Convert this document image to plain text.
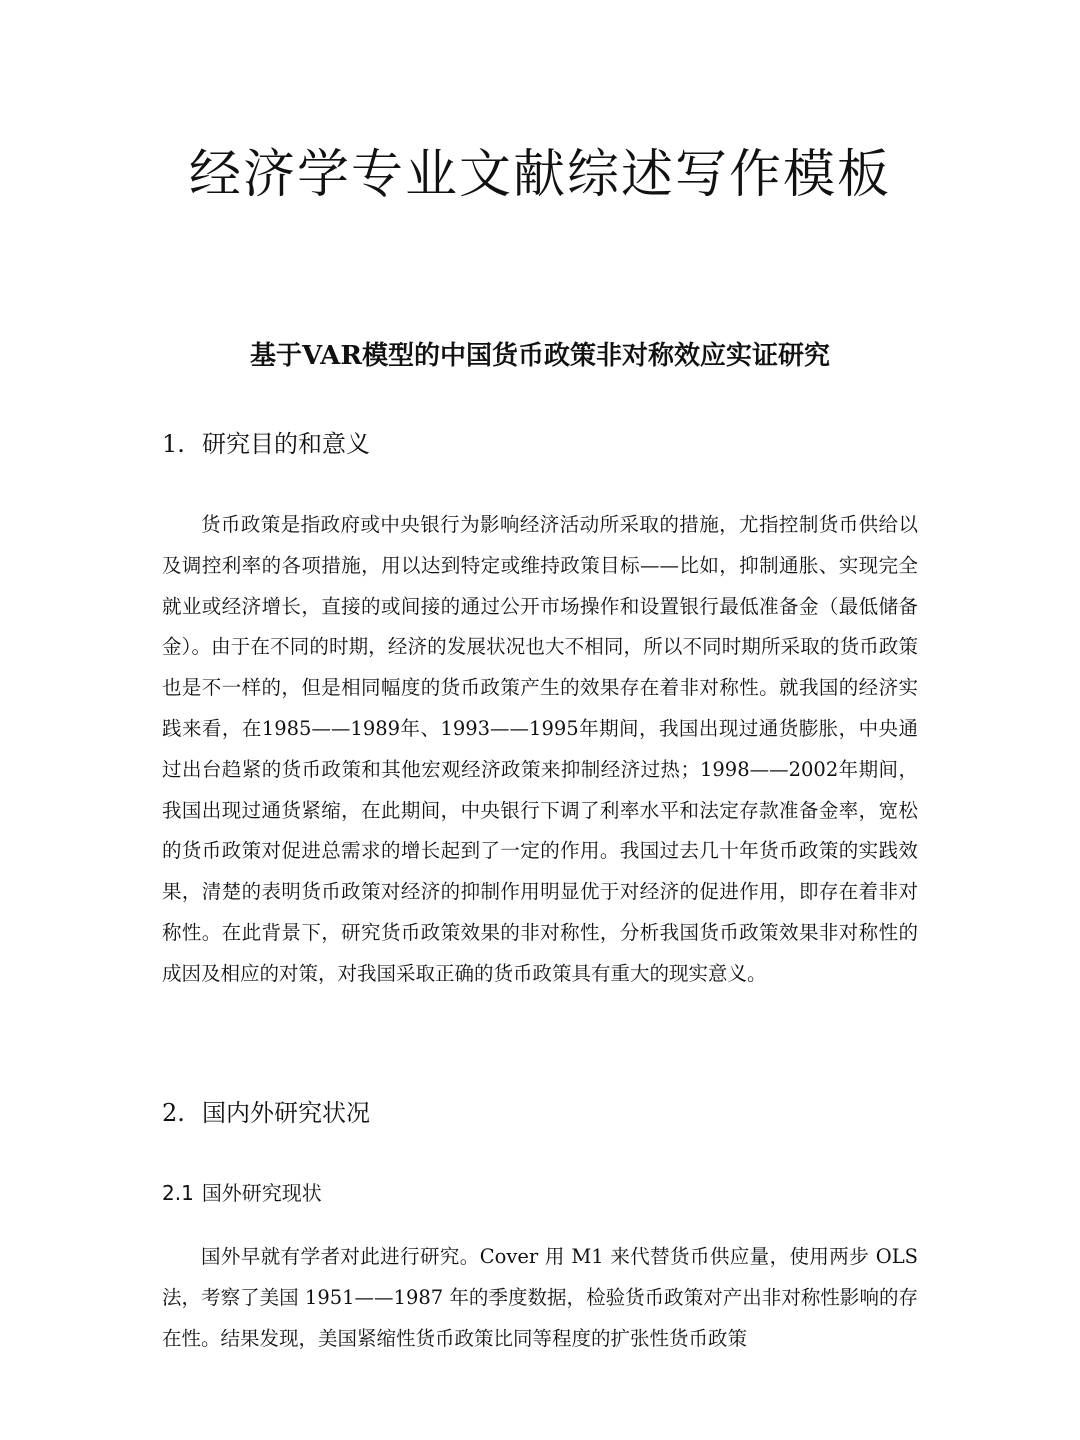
经济学专业文献综述写作模板
基于VAR模型的中国货币政策非对称效应实证研究
1. 研究目的和意义

货币政策是指政府或中央银行为影响经济活动所采取的措施，尤指控制货币供给以及调控利率的各项措施，用以达到特定或维持政策目标——比如，抑制通胀、实现完全就业或经济增长，直接的或间接的通过公开市场操作和设置银行最低准备金（最低储备金）。由于在不同的时期，经济的发展状况也大不相同，所以不同时期所采取的货币政策也是不一样的，但是相同幅度的货币政策产生的效果存在着非对称性。就我国的经济实践来看，在1985——1989年、1993——1995年期间，我国出现过通货膨胀，中央通过出台趋紧的货币政策和其他宏观经济政策来抑制经济过热；1998——2002年期间，我国出现过通货紧缩，在此期间，中央银行下调了利率水平和法定存款准备金率，宽松的货币政策对促进总需求的增长起到了一定的作用。我国过去几十年货币政策的实践效果，清楚的表明货币政策对经济的抑制作用明显优于对经济的促进作用，即存在着非对称性。在此背景下，研究货币政策效果的非对称性，分析我国货币政策效果非对称性的成因及相应的对策，对我国采取正确的货币政策具有重大的现实意义。

2. 国内外研究状况
2.1 国外研究现状

国外早就有学者对此进行研究。Cover 用 M1 来代替货币供应量，使用两步 OLS 法，考察了美国 1951——1987 年的季度数据，检验货币政策对产出非对称性影响的存在性。结果发现，美国紧缩性货币政策比同等程度的扩张性货币政策
